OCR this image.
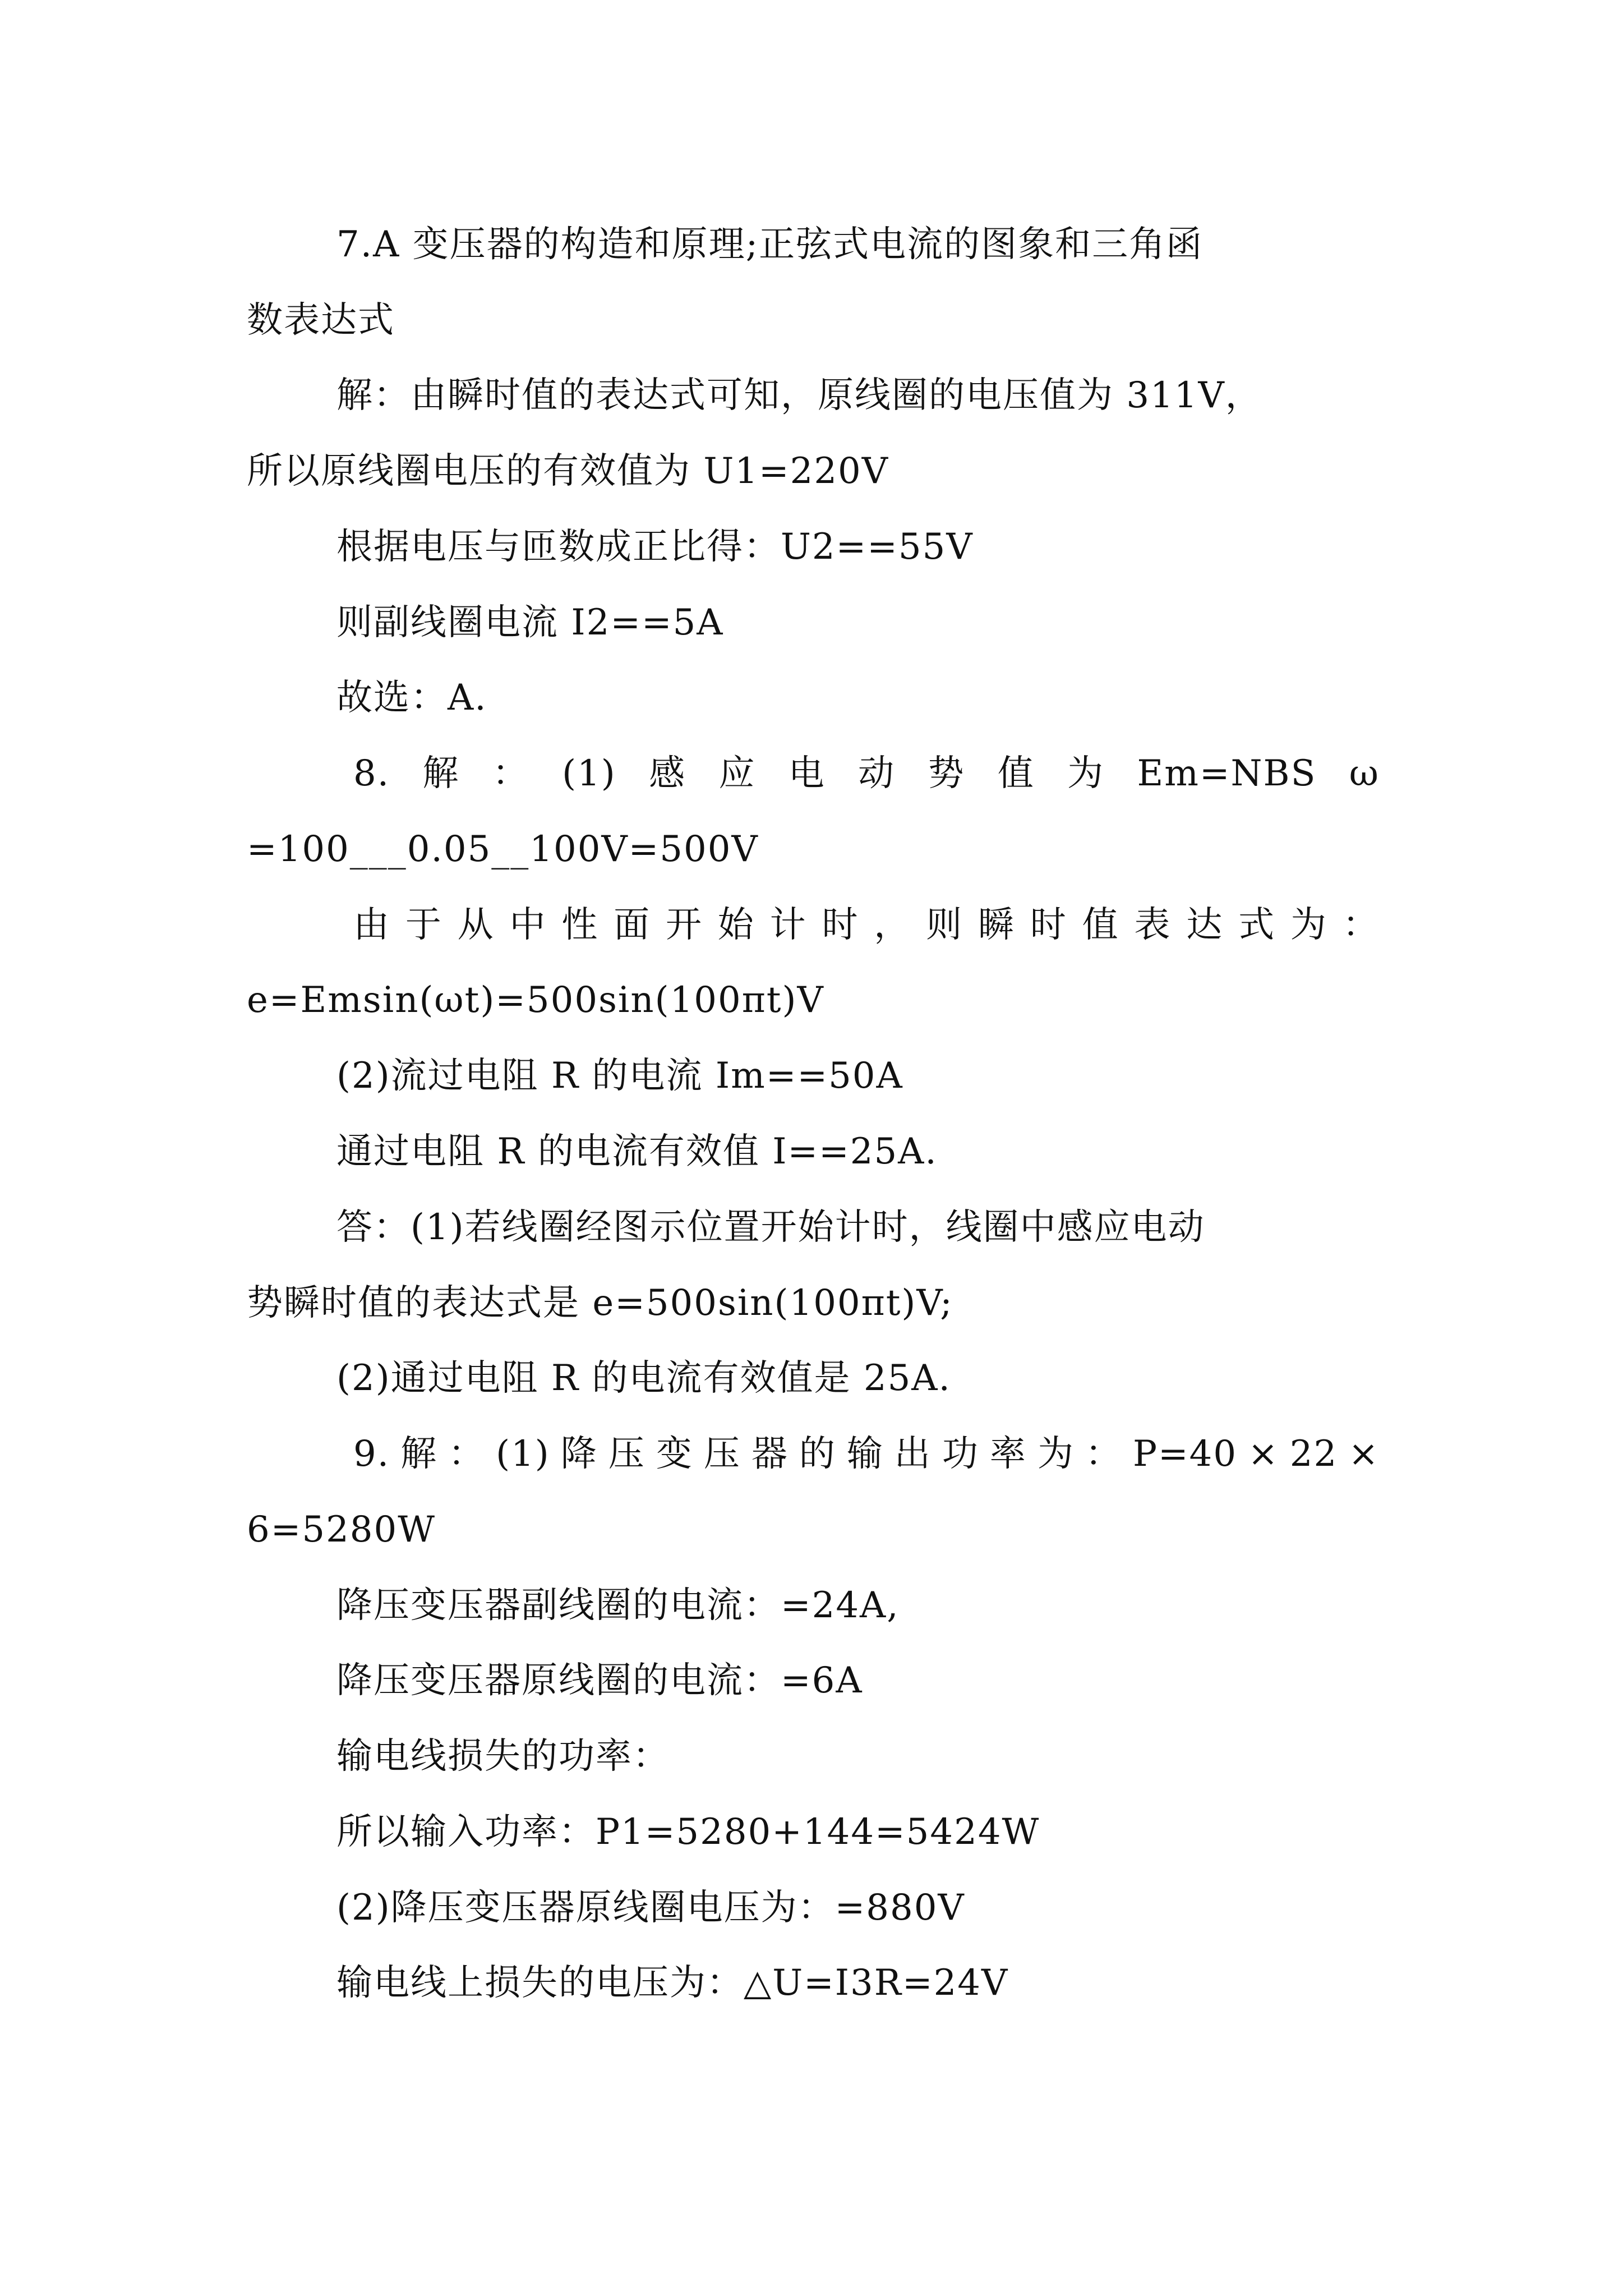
7.A 变压器的构造和原理;正弦式电流的图象和三角函
数表达式
解：由瞬时值的表达式可知，原线圈的电压值为 311V，
所以原线圈电压的有效值为 U1=220V
根据电压与匝数成正比得：U2==55V
则副线圈电流 I2==5A
故选：A.
8. 解 ： (1) 感 应 电 动 势 值 为 Em=NBS ω
=100___0.05__100V=500V
由 于 从 中 性 面 开 始 计 时 ， 则 瞬 时 值 表 达 式 为 ：
e=Emsin(ωt)=500sin(100πt)V
(2)流过电阻 R 的电流 Im==50A
通过电阻 R 的电流有效值 I==25A.
答：(1)若线圈经图示位置开始计时，线圈中感应电动
势瞬时值的表达式是 e=500sin(100πt)V;
(2)通过电阻 R 的电流有效值是 25A.
9. 解 ： (1) 降 压 变 压 器 的 输 出 功 率 为 ： P=40 × 22 ×
6=5280W
降压变压器副线圈的电流：=24A,
降压变压器原线圈的电流：=6A
输电线损失的功率：
所以输入功率：P1=5280+144=5424W
(2)降压变压器原线圈电压为：=880V
输电线上损失的电压为：△U=I3R=24V
